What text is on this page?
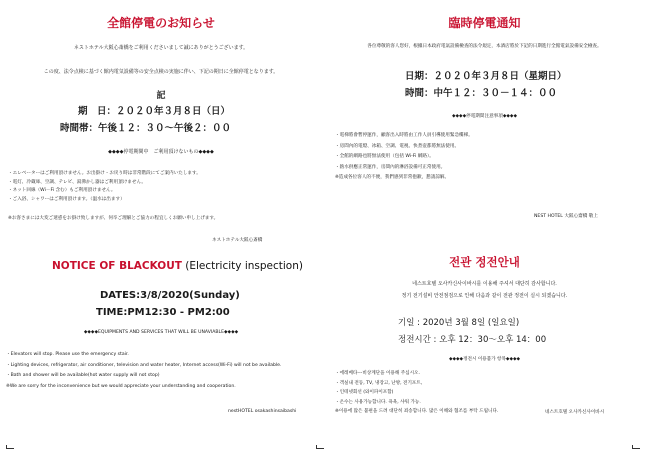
全館停電のお知らせ
ネストホテル大阪心斎橋をご利用くださいまして誠にありがとうございます。
この度、法令点検に基づく館内電気設備等の安全点検の実施に伴い、下記の期日に全館停電となります。
記
期　日：２０２０年３月８日（日）
時間帯：午後１２：３０～午後２：００
◆◆◆◆停電期間中　ご利用頂けないもの◆◆◆◆
・エレベーターはご利用頂けません。お出掛け・お戻り時は非常階段にてご案内いたします。
・電灯、冷蔵庫、空調、テレビ、湯沸かし器はご利用頂けません。
・ネット回線（Wi－Fi 含む）もご利用頂けません。
・ご入浴、シャワーはご利用頂けます。（温水は出ます）
※お客さまには大変ご迷惑をお掛け致しますが、何卒ご理解とご協力の程宜しくお願い申し上げます。
ネストホテル大阪心斎橋
NOTICE OF BLACKOUT (Electricity inspection)
DATES:3/8/2020(Sunday)
TIME:PM12:30 - PM2:00
◆◆◆◆EQUIPMENTS AND SERVICES THAT WILL BE UNAVIABLE◆◆◆◆
・Elevators will stop. Please use the emergency stair.
・Lighting devices, refrigerator, air conditioner, television and water heater, Internet access(Wi-Fi) will not be available.
・Bath and shower will be available(hot water supply will not stop)
※We are sorry for the inconvenience but we would appreciate your understanding and cooperation.
nestHOTEL osakashinsaibashi
臨時停電通知
各位尊敬的客人您好，根據日本政府電氣設備檢查的法令規定，本酒店將於下記的日期進行全館電氣設備安全檢查。
日期：２０２０年３月８日（星期日）
時間：中午１２：３０－１４：００
◆◆◆◆停電期間注意事項◆◆◆◆
・電梯將會暫停運作，顧客出入時將由工作人員引導使用緊急樓梯。
・房間內的電燈、冰箱、空調、電視、快煮壺都將無法使用。
・全館的網路也將無法使用（包括 Wi-Fi 網路）。
・熱水供應正常運作，房間內的淋浴設備可正常使用。
※造成各位客人的不便，我們感到非常抱歉，懇請諒解。
NEST HOTEL 大阪心齋橋 敬上
전관 정전안내
네스트호텔 오사카신사이바시를 이용해 주셔서 대단히 감사합니다.
정기 전기설비 안전점검으로 인해 다음과 같이 전관 정전이 실시 되겠습니다.
기일 : 2020년 3월 8일 (일요일)
정전시간 : 오후 12：30～오후 14：00
◆◆◆◆정전시 이용불가 항목◆◆◆◆
・에레베타---비상계단을 이용해 주십시오.
・객실내 전등, TV, 냉장고, 난방, 전기포트,
・인테넷회선 (와이파이포함)
・온수는 사용가능합니다. 욕욕, 샤워 가능.
※이용에 많은 불편을 드려 대단히 죄송합니다. 많은 이해와 협조를 부탁 드립니다.	네스트호텔 오사카신사이바시
